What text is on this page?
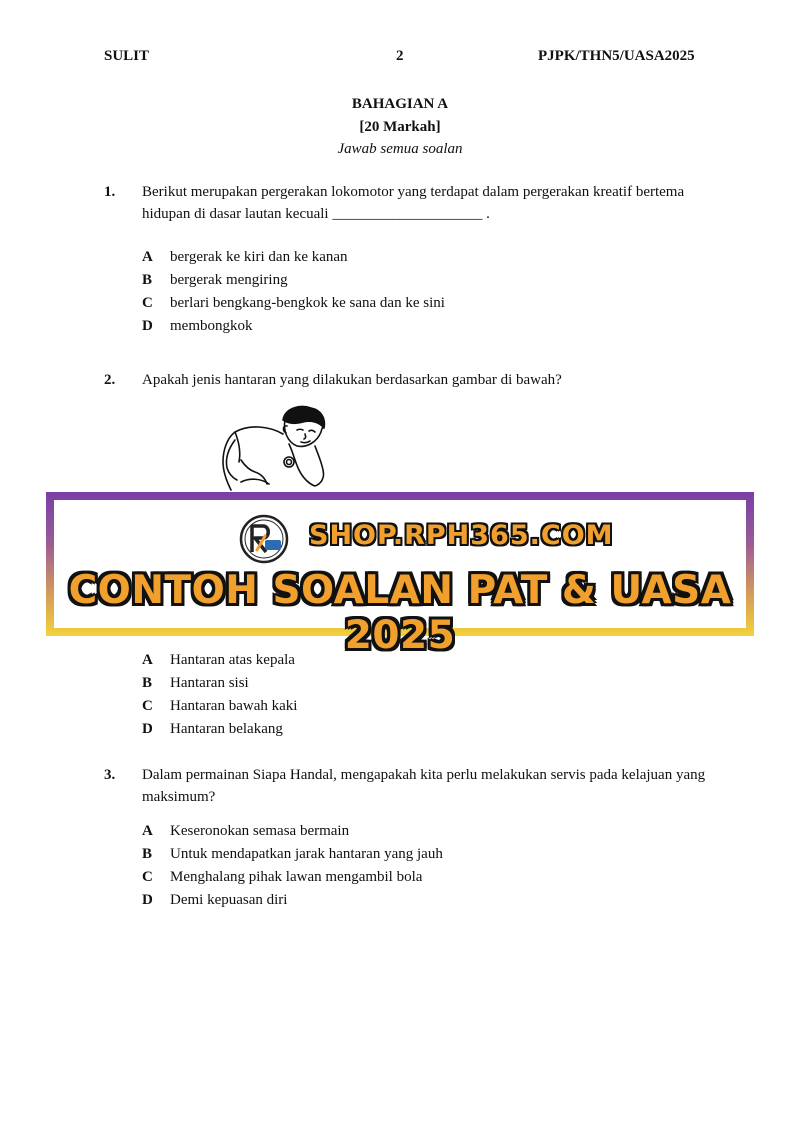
SULIT	2	PJPK/THN5/UASA2025
BAHAGIAN A
[20 Markah]
Jawab semua soalan
1. Berikut merupakan pergerakan lokomotor yang terdapat dalam pergerakan kreatif bertema hidupan di dasar lautan kecuali ____________________ .
A bergerak ke kiri dan ke kanan
B bergerak mengiring
C berlari bengkang-bengkok ke sana dan ke sini
D membongkok
2. Apakah jenis hantaran yang dilakukan berdasarkan gambar di bawah?
SHOP.RPH365.COM
CONTOH SOALAN PAT & UASA 2025
A Hantaran atas kepala
B Hantaran sisi
C Hantaran bawah kaki
D Hantaran belakang
3. Dalam permainan Siapa Handal, mengapakah kita perlu melakukan servis pada kelajuan yang maksimum?
A Keseronokan semasa bermain
B Untuk mendapatkan jarak hantaran yang jauh
C Menghalang pihak lawan mengambil bola
D Demi kepuasan diri
